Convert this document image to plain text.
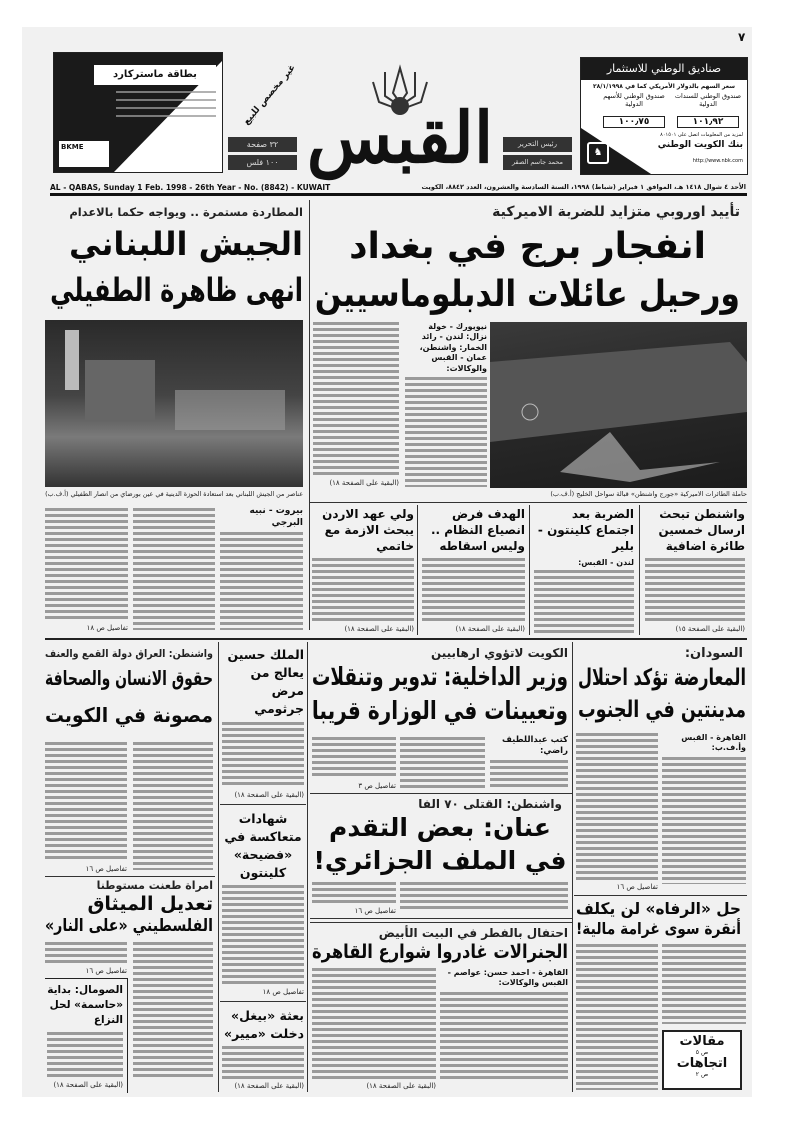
٧
صناديق الوطني للاستثمار
سعر السهم بالدولار الأمريكي كما في ٢٨/١/١٩٩٨
صندوق الوطني للسندات الدولية
١٠١٫٩٢
صندوق الوطني للأسهم الدولية
١٠٠٫٧٥
♞
لمزيد من المعلومات اتصل على ٨٠١٥٠١
بنك الكويت الوطني
http://www.nbk.com
رئيس التحرير
محمد جاسم الصقر
القبس
٣٢ صفحة
١٠٠ فلس
غير مخصص للبيع
بطاقة ماستركارد
BKME
AL - QABAS, Sunday 1 Feb. 1998 - 26th Year - No. (8842) - KUWAIT	الأحد ٤ شوال ١٤١٨ هـ، الموافق ١ فبراير (شباط) ١٩٩٨، السنة السادسة والعشرون، العدد ٨٨٤٢، الكويت
تأييد اوروبي متزايد للضربة الاميركية
انفجار برج في بغداد
ورحيل عائلات الدبلوماسيين
المطاردة مستمرة .. ويواجه حكما بالاعدام
الجيش اللبناني
انهى ظاهرة الطفيلي
حاملة الطائرات الاميركية «جورج واشنطن» قبالة سواحل الخليج (أ.ف.ب)
عناصر من الجيش اللبناني بعد استعادة الحوزة الدينية في عين بورضاي من انصار الطفيلي (أ.ف.ب)
نيويورك - خولة نزال: لندن - رائد الخمار: واشنطن، عمان - القبس والوكالات:
(البقية على الصفحة ١٨)
واشنطن تبحث ارسال خمسين طائرة اضافية
(البقية على الصفحة ١٥)
الضربة بعد اجتماع كلينتون - بلير
لندن - القبس:
الهدف فرض انصياع النظام .. وليس اسقاطه
(البقية على الصفحة ١٨)
ولي عهد الاردن يبحث الازمة مع خاتمي
(البقية على الصفحة ١٨)
بيروت - نبيه البرجي
تفاصيل ص ١٨
السودان:
المعارضة تؤكد احتلال
مدينتين في الجنوب
القاهرة - القبس وأ.ف.ب:
تفاصيل ص ١٦
حل «الرفاه» لن يكلف
أنقرة سوى غرامة مالية!
مقالات
ص ٥
اتجاهات
ص ٢
الكويت لاتؤوي ارهابيين
وزير الداخلية: تدوير وتنقلات
وتعيينات في الوزارة قريبا
كتب عبداللطيف راضي:
تفاصيل ص ٣
واشنطن: القتلى ٧٠ الفا
عنان: بعض التقدم
في الملف الجزائري!
تفاصيل ص ١٦
احتفال بالفطر في البيت الأبيض
الجنرالات غادروا شوارع القاهرة
القاهرة - احمد حسن: عواصم - القبس والوكالات:
(البقية على الصفحة ١٨)
الملك حسين يعالج من مرض جرثومي
(البقية على الصفحة ١٨)
شهادات متعاكسة في «فضيحة» كلينتون
تفاصيل ص ١٨
بعثة «بيغل» دخلت «ميير»
(البقية على الصفحة ١٨)
واشنطن: العراق دولة القمع والعنف
حقوق الانسان والصحافة
مصونة في الكويت
تفاصيل ص ١٦
امراة طعنت مستوطنا
تعديل الميثاق
الفلسطيني «على النار»
تفاصيل ص ١٦
الصومال: بداية «حاسمة» لحل النزاع
(البقية على الصفحة ١٨)
